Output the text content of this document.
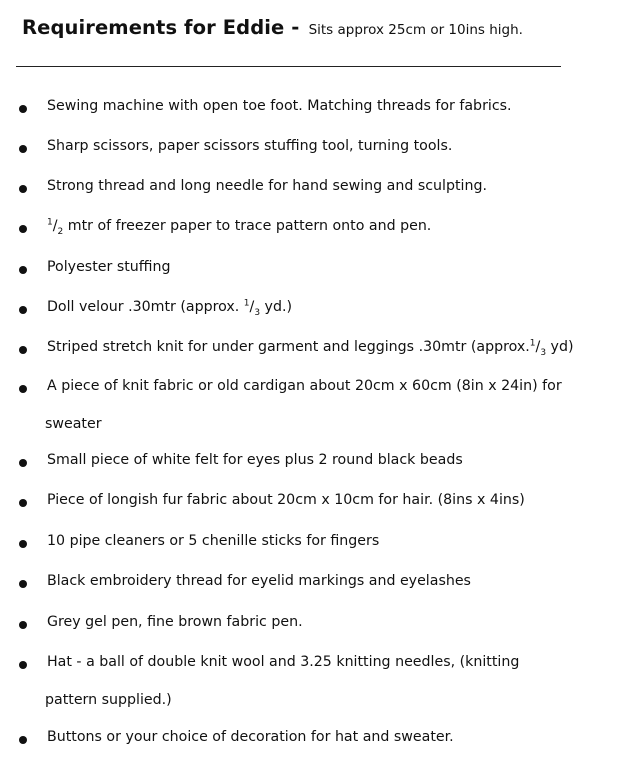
Requirements for Eddie - Sits approx 25cm or 10ins high.
Sewing machine with open toe foot. Matching threads for fabrics.
Sharp scissors, paper scissors stuffing tool, turning tools.
Strong thread and long needle for hand sewing and sculpting.
$^1/_2$ mtr of freezer paper to trace pattern onto and pen.
Polyester stuffing
Doll velour .30mtr (approx. $^1/_3$ yd.)
Striped stretch knit for under garment and leggings .30mtr ($approx.^1/_3$ yd)
A piece of knit fabric or old cardigan about 20cm x 60cm (8in x 24in) for
sweater
Small piece of white felt for eyes plus 2 round black beads
Piece of longish fur fabric about 20cm x 10cm for hair. (8ins x 4ins)
10 pipe cleaners or 5 chenille sticks for fingers
Black embroidery thread for eyelid markings and eyelashes
Grey gel pen, fine brown fabric pen.
Hat - a ball of double knit wool and 3.25 knitting needles, (knitting
pattern supplied.)
Buttons or your choice of decoration for hat and sweater.
